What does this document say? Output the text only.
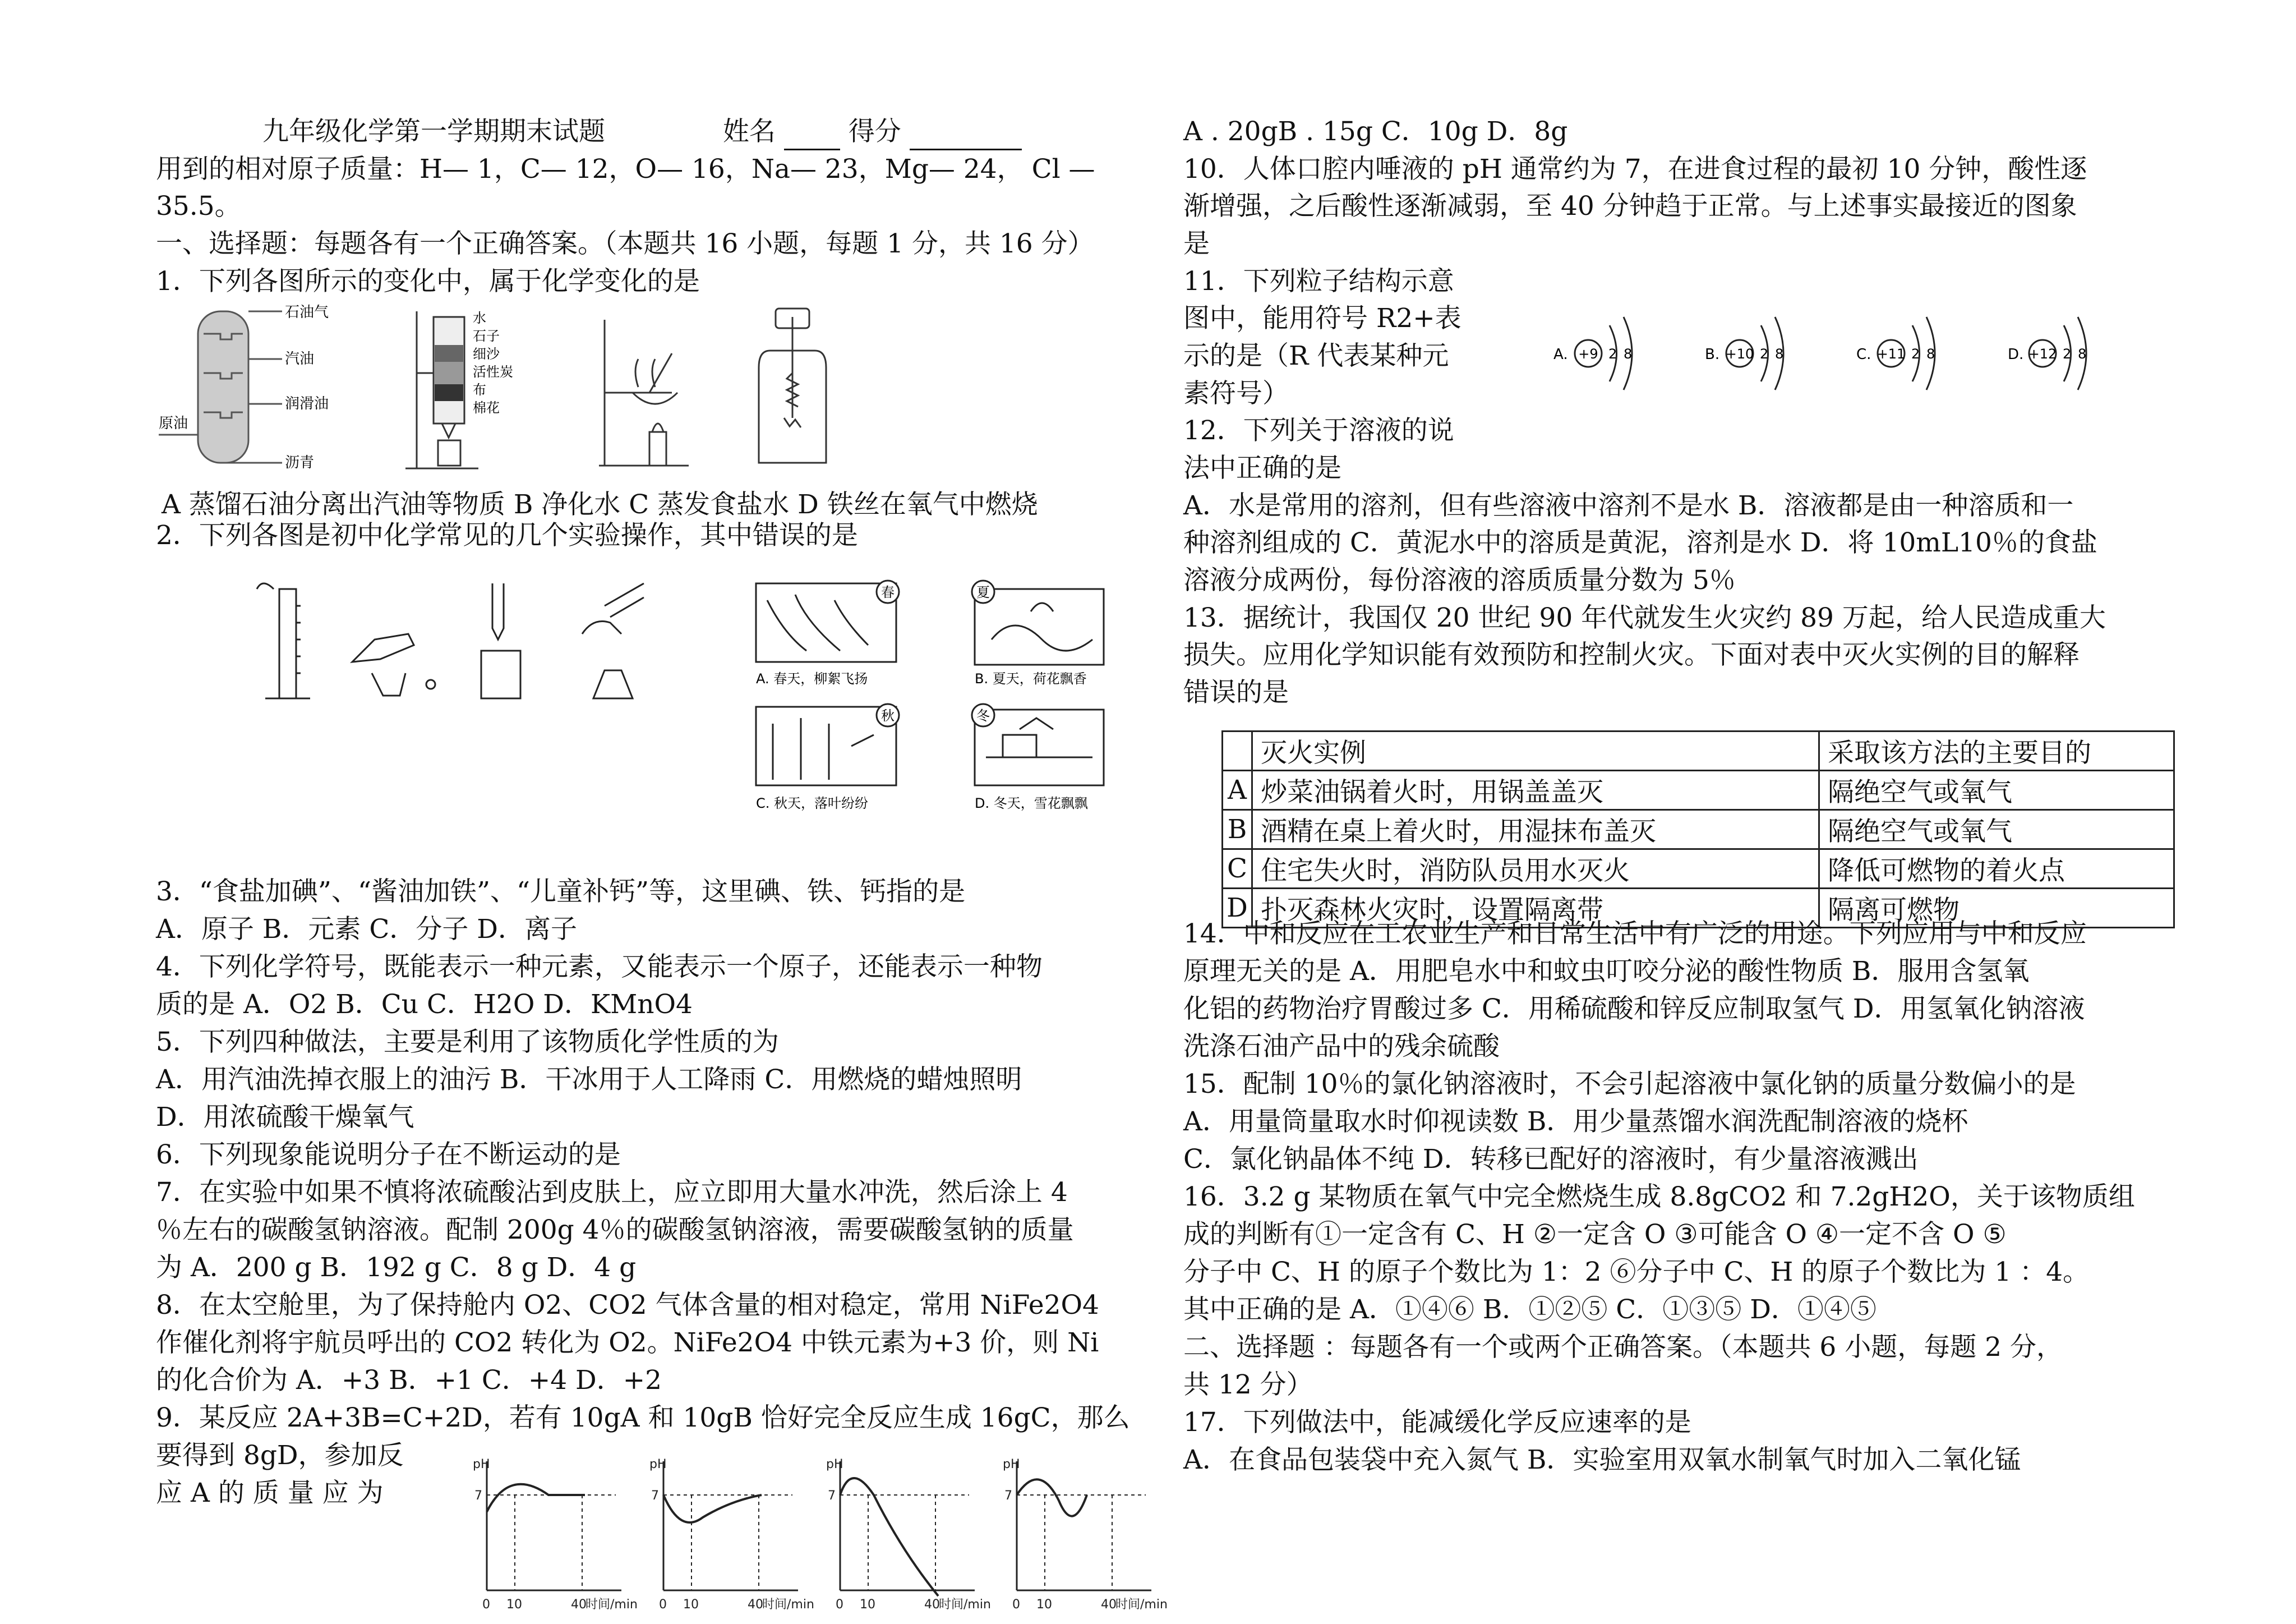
九年级化学第一学期期末试题	姓名	得分
用到的相对原子质量：H— 1，C— 12，O— 16，Na— 23，Mg— 24， Cl —
35.5。
一、选择题：每题各有一个正确答案。（本题共 16 小题，每题 1 分，共 16 分）
1．下列各图所示的变化中，属于化学变化的是
石油气
汽油
润滑油
原油
沥青
水
石子
细沙
活性炭
布
棉花
A 蒸馏石油分离出汽油等物质 B 净化水 C 蒸发食盐水 D 铁丝在氧气中燃烧
2．下列各图是初中化学常见的几个实验操作，其中错误的是
春	夏
秋	冬
A. 春天，柳絮飞扬	B. 夏天，荷花飘香
C. 秋天，落叶纷纷	D. 冬天，雪花飘飘
3．“食盐加碘”、“酱油加铁”、“儿童补钙”等，这里碘、铁、钙指的是
A．原子 B．元素 C．分子 D．离子
4．下列化学符号，既能表示一种元素，又能表示一个原子，还能表示一种物
质的是 A．O2 B．Cu C．H2O D．KMnO4
5．下列四种做法，主要是利用了该物质化学性质的为
A．用汽油洗掉衣服上的油污 B．干冰用于人工降雨 C．用燃烧的蜡烛照明
D．用浓硫酸干燥氧气
6．下列现象能说明分子在不断运动的是
7．在实验中如果不慎将浓硫酸沾到皮肤上，应立即用大量水冲洗，然后涂上 4
％左右的碳酸氢钠溶液。配制 200g 4％的碳酸氢钠溶液，需要碳酸氢钠的质量
为 A．200 g B．192 g C．8 g D．4 g
8．在太空舱里，为了保持舱内 O2、CO2 气体含量的相对稳定，常用 NiFe2O4
作催化剂将宇航员呼出的 CO2 转化为 O2。NiFe2O4 中铁元素为+3 价，则 Ni
的化合价为 A．+3 B．+1 C．+4 D．+2
9．某反应 2A+3B=C+2D，若有 10gA 和 10gB 恰好完全反应生成 16gC，那么
要得到 8gD，参加反
应 A 的 质 量 应 为
pH
7
0 10	40
时间/min
pH
7
0 10	40
时间/min
pH
7
0 10	40
时间/min
pH
7
0 10	40
时间/min
A . 20gB . 15g C．10g D．8g
10．人体口腔内唾液的 pH 通常约为 7，在进食过程的最初 10 分钟，酸性逐
渐增强，之后酸性逐渐减弱，至 40 分钟趋于正常。与上述事实最接近的图象
是
11．下列粒子结构示意
图中，能用符号 R2+表
示的是（R 代表某种元
素符号）
12．下列关于溶液的说
法中正确的是
A．水是常用的溶剂，但有些溶液中溶剂不是水 B．溶液都是由一种溶质和一
种溶剂组成的 C．黄泥水中的溶质是黄泥，溶剂是水 D．将 10mL10％的食盐
溶液分成两份，每份溶液的溶质质量分数为 5％
13．据统计，我国仅 20 世纪 90 年代就发生火灾约 89 万起，给人民造成重大
损失。应用化学知识能有效预防和控制火灾。下面对表中灭火实例的目的解释
错误的是
A. +9 2 8	B. +10 2 8	C. +11 2 8	D. +12 2 8
	灭火实例	采取该方法的主要目的
A	炒菜油锅着火时，用锅盖盖灭	隔绝空气或氧气
B	酒精在桌上着火时，用湿抹布盖灭	隔绝空气或氧气
C	住宅失火时，消防队员用水灭火	降低可燃物的着火点
D	扑灭森林火灾时，设置隔离带	隔离可燃物
14．中和反应在工农业生产和日常生活中有广泛的用途。下列应用与中和反应
原理无关的是 A．用肥皂水中和蚊虫叮咬分泌的酸性物质 B．服用含氢氧
化铝的药物治疗胃酸过多 C．用稀硫酸和锌反应制取氢气 D．用氢氧化钠溶液
洗涤石油产品中的残余硫酸
15．配制 10％的氯化钠溶液时，不会引起溶液中氯化钠的质量分数偏小的是
A．用量筒量取水时仰视读数 B．用少量蒸馏水润洗配制溶液的烧杯
C．氯化钠晶体不纯 D．转移已配好的溶液时，有少量溶液溅出
16．3.2 g 某物质在氧气中完全燃烧生成 8.8gCO2 和 7.2gH2O，关于该物质组
成的判断有①一定含有 C、H ②一定含 O ③可能含 O ④一定不含 O ⑤
分子中 C、H 的原子个数比为 1：2 ⑥分子中 C、H 的原子个数比为 1 ：4。
其中正确的是 A．①④⑥ B．①②⑤ C．①③⑤ D．①④⑤
二、选择题 ：每题各有一个或两个正确答案。（本题共 6 小题，每题 2 分，
共 12 分）
17．下列做法中，能减缓化学反应速率的是
A．在食品包装袋中充入氮气 B．实验室用双氧水制氧气时加入二氧化锰
